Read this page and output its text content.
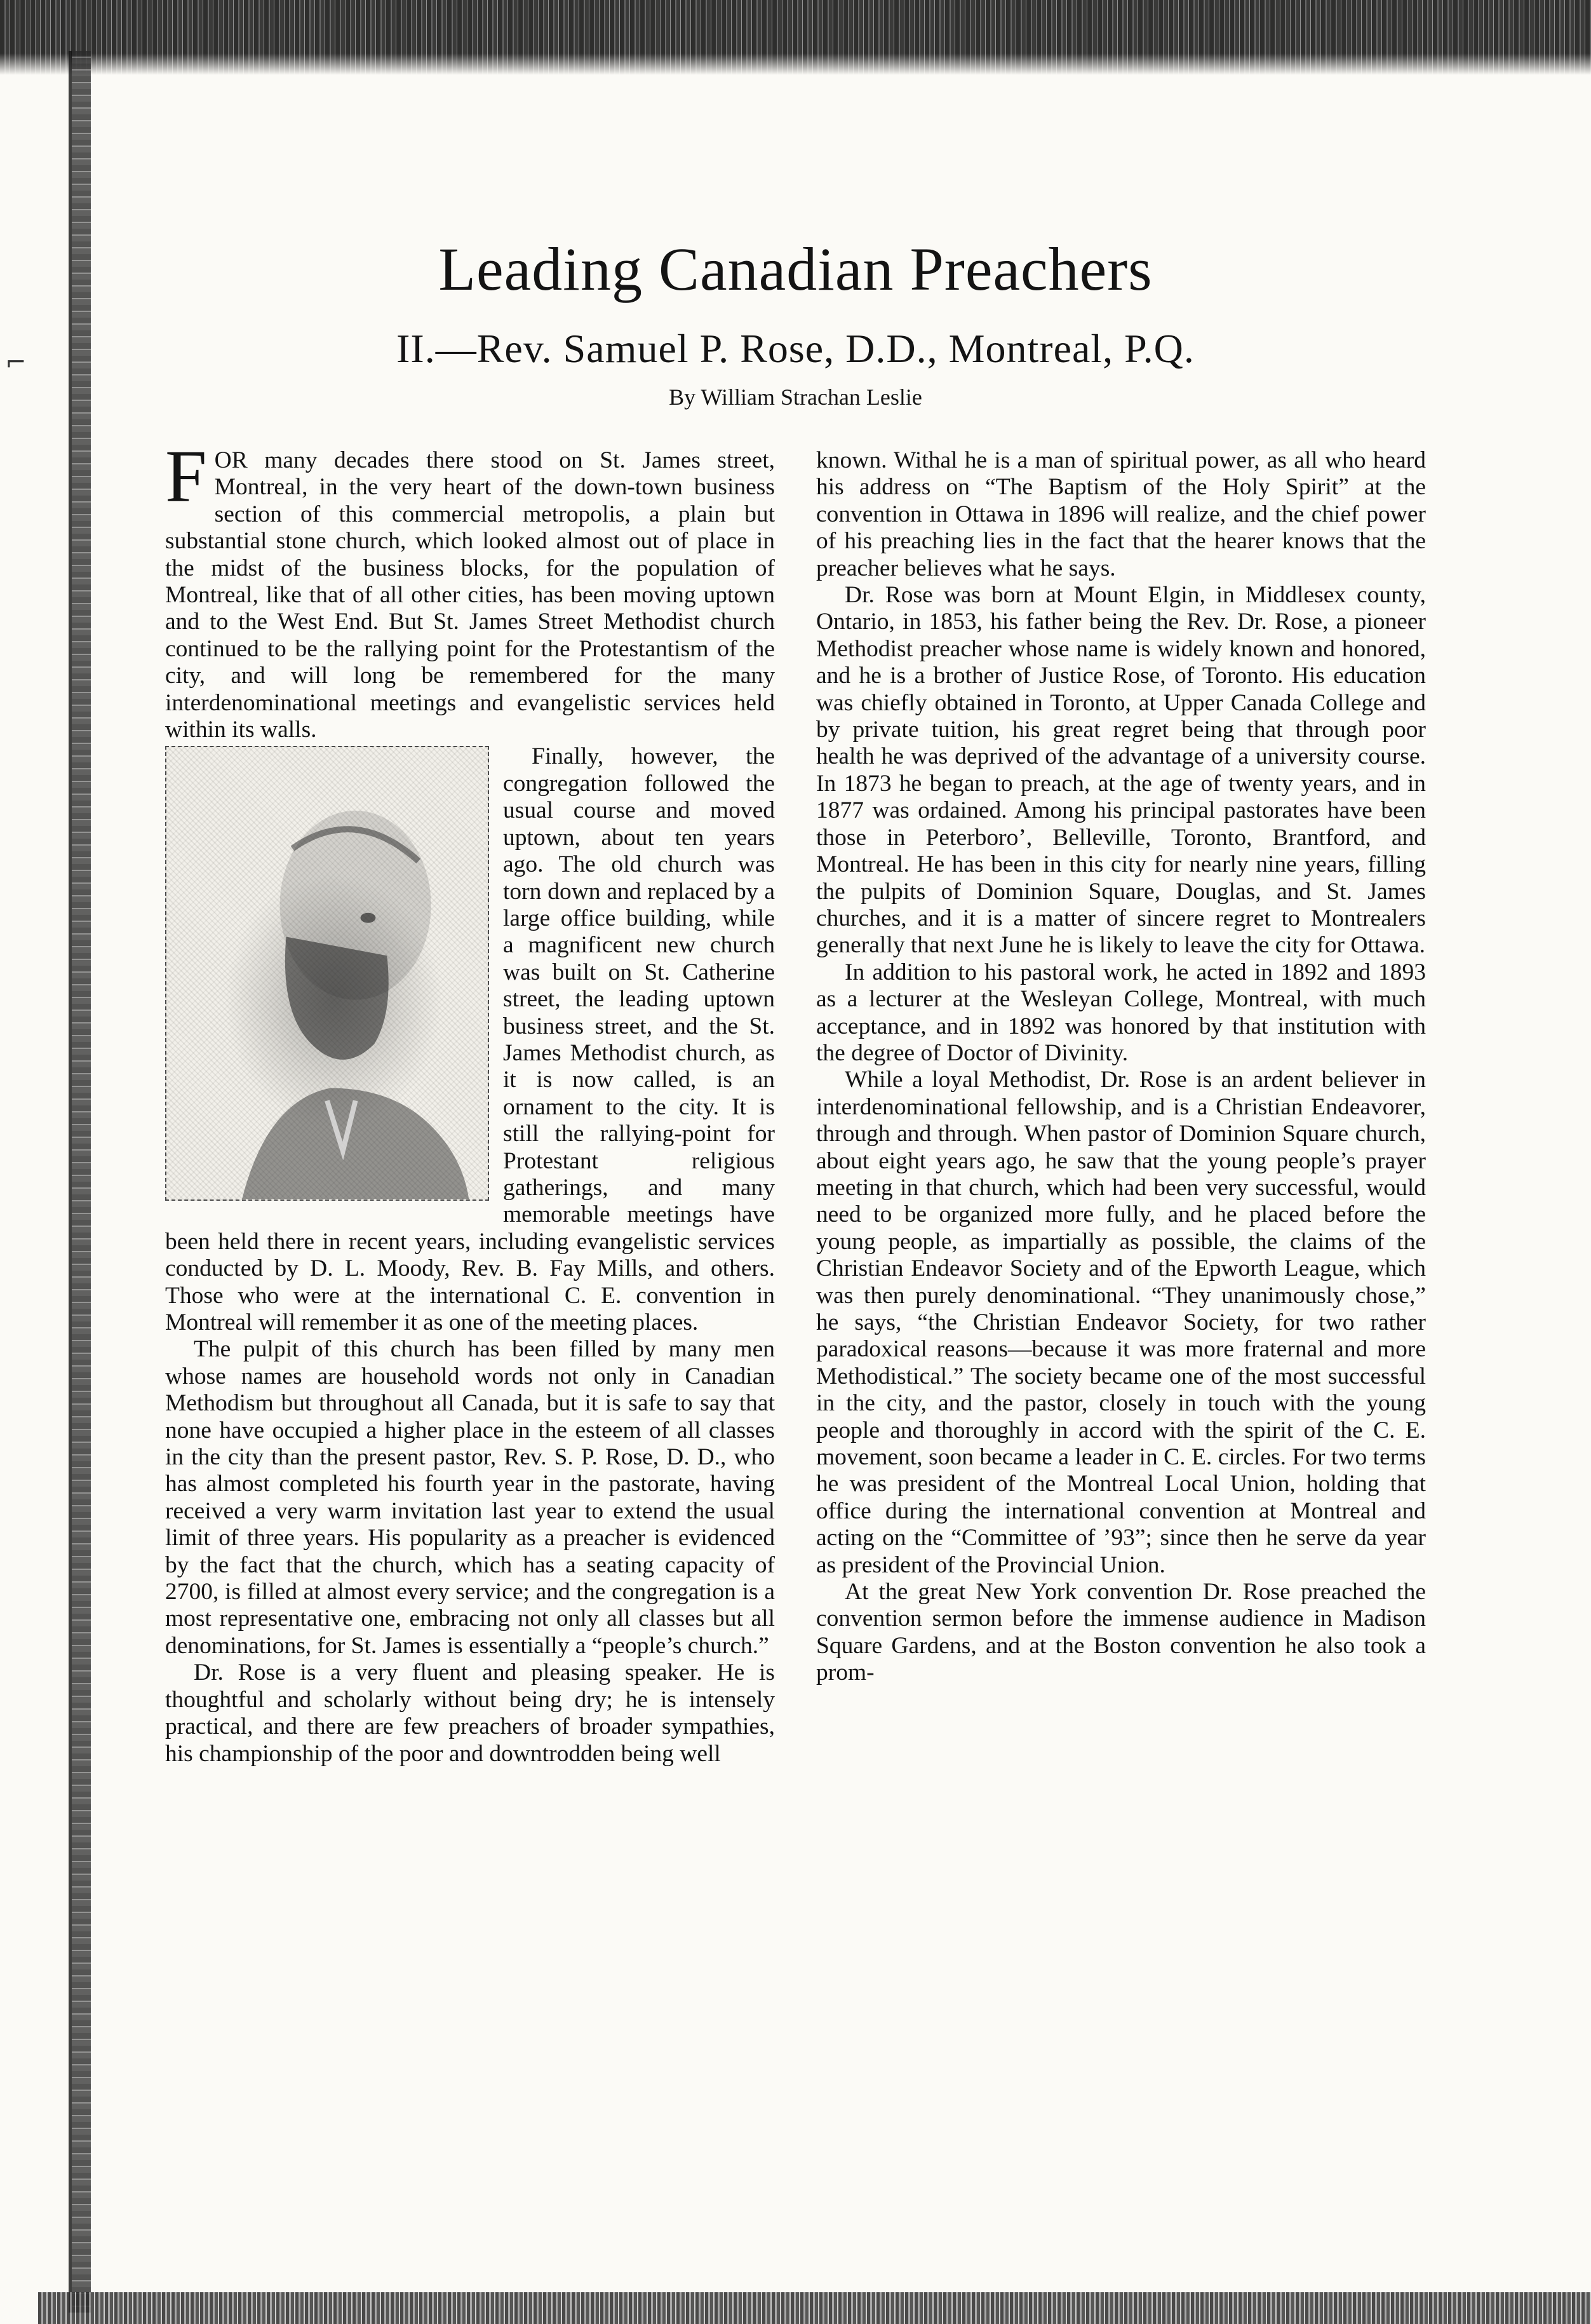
⌐
Leading Canadian Preachers
II.—Rev. Samuel P. Rose, D.D., Montreal, P.Q.
By William Strachan Leslie

FOR many decades there stood on St. James street, Montreal, in the very heart of the down-town business section of this commercial metropolis, a plain but substantial stone church, which looked almost out of place in the midst of the business blocks, for the population of Montreal, like that of all other cities, has been moving uptown and to the West End. But St. James Street Methodist church continued to be the rallying point for the Protestantism of the city, and will long be remembered for the many interdenominational meetings and evangelistic services held within its walls.

Finally, however, the congregation followed the usual course and moved uptown, about ten years ago. The old church was torn down and replaced by a large office building, while a magnificent new church was built on St. Catherine street, the leading uptown business street, and the St. James Methodist church, as it is now called, is an ornament to the city. It is still the rallying-point for Protestant religious gatherings, and many memorable meetings have been held there in recent years, including evangelistic services conducted by D. L. Moody, Rev. B. Fay Mills, and others. Those who were at the international C. E. convention in Montreal will remember it as one of the meeting places.

The pulpit of this church has been filled by many men whose names are household words not only in Canadian Methodism but throughout all Canada, but it is safe to say that none have occupied a higher place in the esteem of all classes in the city than the present pastor, Rev. S. P. Rose, D. D., who has almost completed his fourth year in the pastorate, having received a very warm invitation last year to extend the usual limit of three years. His popularity as a preacher is evidenced by the fact that the church, which has a seating capacity of 2700, is filled at almost every service; and the congregation is a most representative one, embracing not only all classes but all denominations, for St. James is essentially a “people’s church.”

Dr. Rose is a very fluent and pleasing speaker. He is thoughtful and scholarly without being dry; he is intensely practical, and there are few preachers of broader sympathies, his championship of the poor and downtrodden being well

known. Withal he is a man of spiritual power, as all who heard his address on “The Baptism of the Holy Spirit” at the convention in Ottawa in 1896 will realize, and the chief power of his preaching lies in the fact that the hearer knows that the preacher believes what he says.

Dr. Rose was born at Mount Elgin, in Middlesex county, Ontario, in 1853, his father being the Rev. Dr. Rose, a pioneer Methodist preacher whose name is widely known and honored, and he is a brother of Justice Rose, of Toronto. His education was chiefly obtained in Toronto, at Upper Canada College and by private tuition, his great regret being that through poor health he was deprived of the advantage of a university course. In 1873 he began to preach, at the age of twenty years, and in 1877 was ordained. Among his principal pastorates have been those in Peterboro’, Belleville, Toronto, Brantford, and Montreal. He has been in this city for nearly nine years, filling the pulpits of Dominion Square, Douglas, and St. James churches, and it is a matter of sincere regret to Montrealers generally that next June he is likely to leave the city for Ottawa.

In addition to his pastoral work, he acted in 1892 and 1893 as a lecturer at the Wesleyan College, Montreal, with much acceptance, and in 1892 was honored by that institution with the degree of Doctor of Divinity.

While a loyal Methodist, Dr. Rose is an ardent believer in interdenominational fellowship, and is a Christian Endeavorer, through and through. When pastor of Dominion Square church, about eight years ago, he saw that the young people’s prayer meeting in that church, which had been very successful, would need to be organized more fully, and he placed before the young people, as impartially as possible, the claims of the Christian Endeavor Society and of the Epworth League, which was then purely denominational. “They unanimously chose,” he says, “the Christian Endeavor Society, for two rather paradoxical reasons—because it was more fraternal and more Methodistical.” The society became one of the most successful in the city, and the pastor, closely in touch with the young people and thoroughly in accord with the spirit of the C. E. movement, soon became a leader in C. E. circles. For two terms he was president of the Montreal Local Union, holding that office during the international convention at Montreal and acting on the “Committee of ’93”; since then he serve da year as president of the Provincial Union.

At the great New York convention Dr. Rose preached the convention sermon before the immense audience in Madison Square Gardens, and at the Boston convention he also took a prom-
